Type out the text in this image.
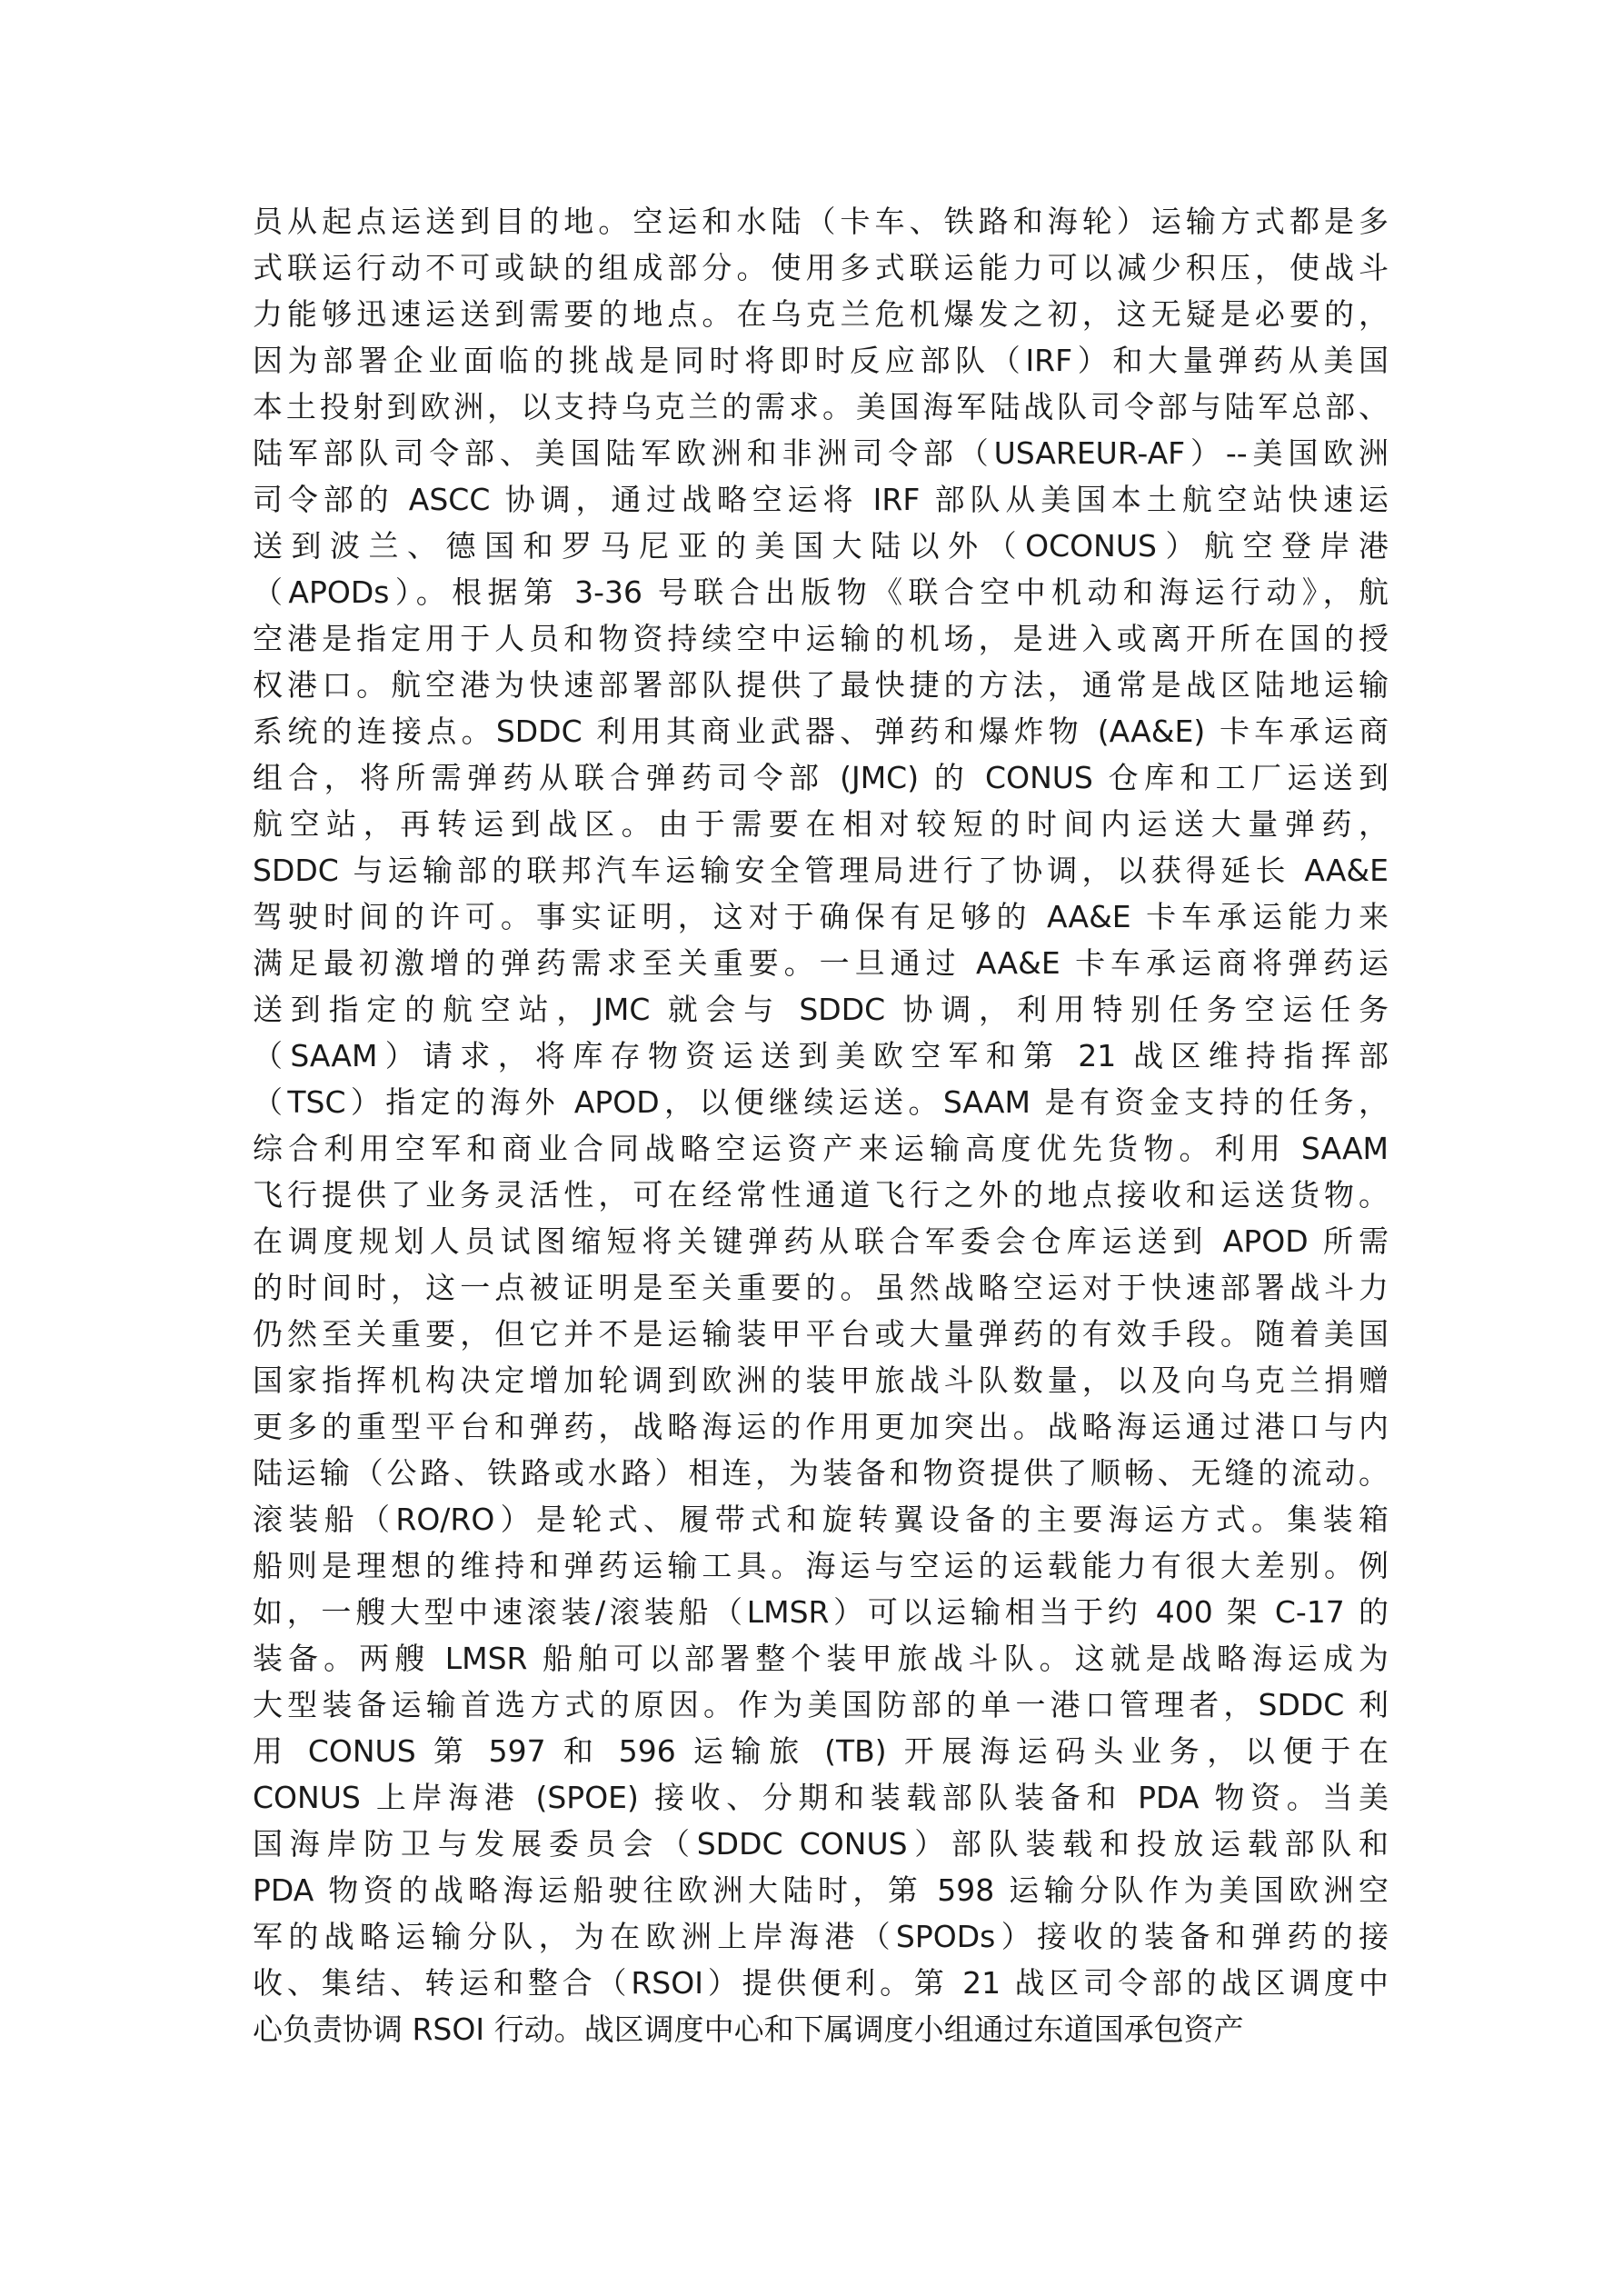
员从起点运送到目的地。空运和水陆（卡车、铁路和海轮）运输方式都是多
式联运行动不可或缺的组成部分。使用多式联运能力可以减少积压，使战斗
力能够迅速运送到需要的地点。在乌克兰危机爆发之初，这无疑是必要的，
因为部署企业面临的挑战是同时将即时反应部队（IRF）和大量弹药从美国
本土投射到欧洲，以支持乌克兰的需求。美国海军陆战队司令部与陆军总部、
陆军部队司令部、美国陆军欧洲和非洲司令部（USAREUR-AF）--美国欧洲
司令部的 ASCC 协调，通过战略空运将 IRF 部队从美国本土航空站快速运
送到波兰、德国和罗马尼亚的美国大陆以外（OCONUS）航空登岸港
（APODs）。根据第 3-36 号联合出版物《联合空中机动和海运行动》，航
空港是指定用于人员和物资持续空中运输的机场，是进入或离开所在国的授
权港口。航空港为快速部署部队提供了最快捷的方法，通常是战区陆地运输
系统的连接点。SDDC 利用其商业武器、弹药和爆炸物 (AA&E) 卡车承运商
组合，将所需弹药从联合弹药司令部 (JMC) 的 CONUS 仓库和工厂运送到
航空站，再转运到战区。由于需要在相对较短的时间内运送大量弹药，
SDDC 与运输部的联邦汽车运输安全管理局进行了协调，以获得延长 AA&E
驾驶时间的许可。事实证明，这对于确保有足够的 AA&E 卡车承运能力来
满足最初激增的弹药需求至关重要。一旦通过 AA&E 卡车承运商将弹药运
送到指定的航空站，JMC 就会与 SDDC 协调，利用特别任务空运任务
（SAAM）请求，将库存物资运送到美欧空军和第 21 战区维持指挥部
（TSC）指定的海外 APOD，以便继续运送。SAAM 是有资金支持的任务，
综合利用空军和商业合同战略空运资产来运输高度优先货物。利用 SAAM
飞行提供了业务灵活性，可在经常性通道飞行之外的地点接收和运送货物。
在调度规划人员试图缩短将关键弹药从联合军委会仓库运送到 APOD 所需
的时间时，这一点被证明是至关重要的。虽然战略空运对于快速部署战斗力
仍然至关重要，但它并不是运输装甲平台或大量弹药的有效手段。随着美国
国家指挥机构决定增加轮调到欧洲的装甲旅战斗队数量，以及向乌克兰捐赠
更多的重型平台和弹药，战略海运的作用更加突出。战略海运通过港口与内
陆运输（公路、铁路或水路）相连，为装备和物资提供了顺畅、无缝的流动。
滚装船（RO/RO）是轮式、履带式和旋转翼设备的主要海运方式。集装箱
船则是理想的维持和弹药运输工具。海运与空运的运载能力有很大差别。例
如，一艘大型中速滚装/滚装船（LMSR）可以运输相当于约 400 架 C-17 的
装备。两艘 LMSR 船舶可以部署整个装甲旅战斗队。这就是战略海运成为
大型装备运输首选方式的原因。作为美国防部的单一港口管理者，SDDC 利
用 CONUS 第 597 和 596 运输旅 (TB) 开展海运码头业务，以便于在
CONUS 上岸海港 (SPOE) 接收、分期和装载部队装备和 PDA 物资。当美
国海岸防卫与发展委员会（SDDC CONUS）部队装载和投放运载部队和
PDA 物资的战略海运船驶往欧洲大陆时，第 598 运输分队作为美国欧洲空
军的战略运输分队，为在欧洲上岸海港（SPODs）接收的装备和弹药的接
收、集结、转运和整合（RSOI）提供便利。第 21 战区司令部的战区调度中
心负责协调 RSOI 行动。战区调度中心和下属调度小组通过东道国承包资产
